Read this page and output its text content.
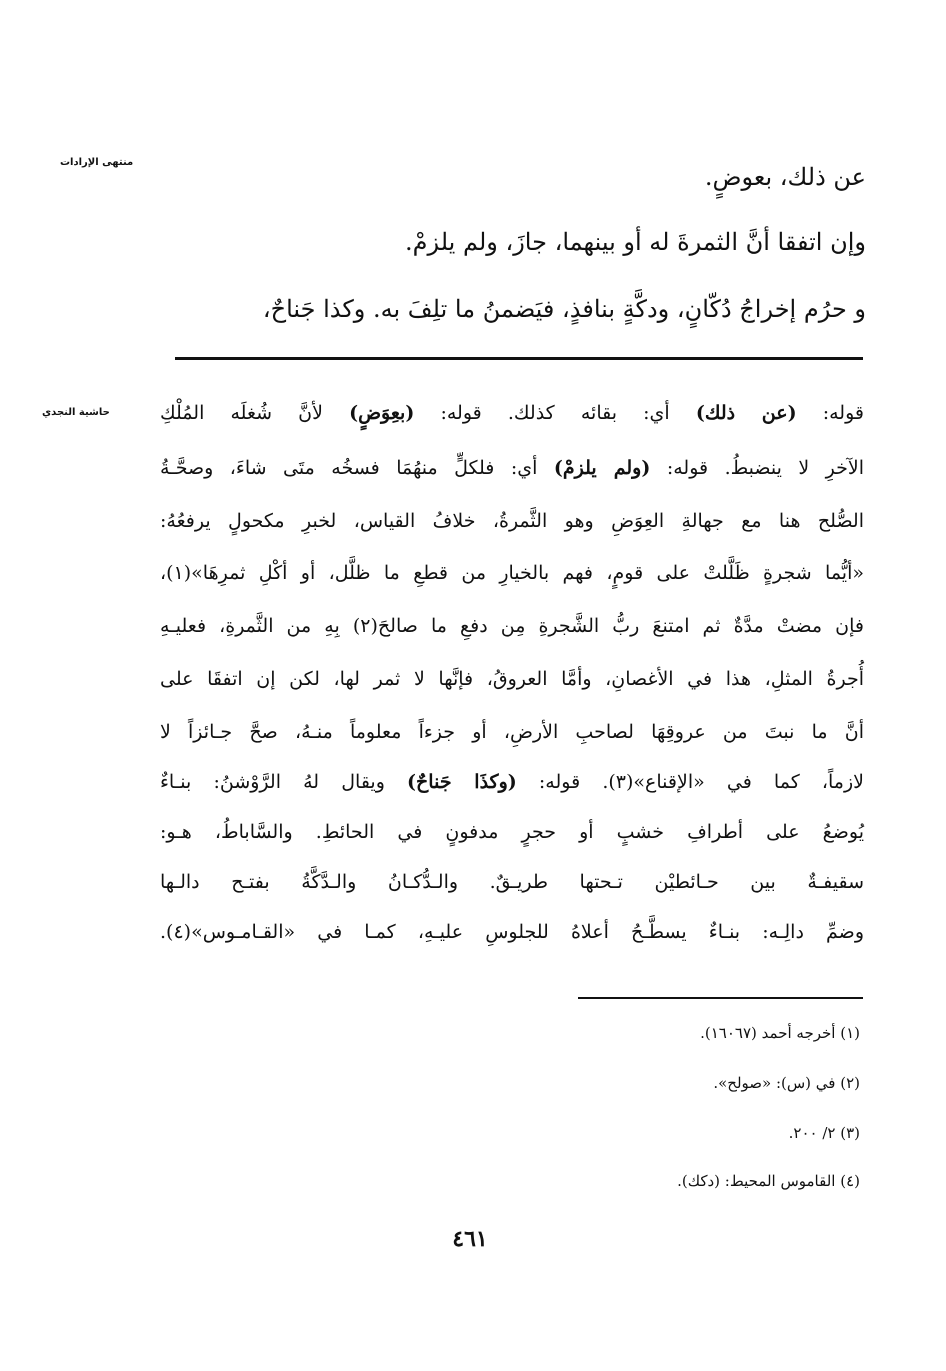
منتهى الإرادات
حاشية النجدي
عن ذلك، بعوضٍ.
وإن اتفقا أنَّ الثمرةَ له أو بينهما، جازَ، ولم يلزمْ.
و حرُم إخراجُ دُكّانٍ، ودكَّةٍ بنافذٍ، فيَضمنُ ما تلِفَ به. وكذا جَناحٌ،
قوله: (عن ذلك) أي: بقائه كذلك. قوله: (بعِوَضٍ) لأنَّ شُغلَه المُلْكِ
الآخرِ لا ينضبطُ. قوله: (ولم يلزمْ) أي: فلكلٍّ منهُمَا فسخُه متَى شاءَ، وصحَّـةُ
الصُّلح هنا مع جهالةِ العِوَضِ وهو الثَّمرةُ، خلافُ القياس، لخبرِ مكحولٍ يرفعُهُ:
«أيُّما شجرةٍ ظَلَّلتْ على قومٍ، فهم بالخيارِ من قطعِ ما ظلَّل، أو أكْلِ ثمرِهَا»(١)،
فإن مضتْ مدَّةٌ ثم امتنعَ ربُّ الشَّجرةِ مِن دفعِ ما صالحَ(٢) بِهِ من الثَّمرةِ، فعليـهِ
أُجرةُ المثلِ، هذا في الأغصانِ، وأمَّا العروقُ، فإنَّها لا ثمر لها، لكن إن اتفقَا على
أنَّ ما نبتَ من عروقِهَا لصاحبِ الأرضِ، أو جزءاً معلوماً منـهُ، صحَّ جـائزاً لا
لازماً، كما في «الإقناع»(٣). قوله: (وكذَا جَناحٌ) ويقال لهُ الرَّوْشنُ: بنـاءٌ
يُوضعُ على أطرافِ خشبٍ أو حجرٍ مدفونٍ في الحائطِ. والسَّاباطُ، هـو:
سقيفـةٌ بين حـائطيْن تـحتها طريـقٌ. والـدُّكـانُ والـدَّكَّةُ بفتـح دالـها
وضمِّ دالِـه: بنـاءٌ يسطَّـحُ أعلاهُ للجلوسِ عليـهِ، كمـا في «القـامـوس»(٤).
(١) أخرجه أحمد (١٦٠٦٧).
(٢) في (س): «صولح».
(٣) ٢/ ٢٠٠.
(٤) القاموس المحيط: (دكك).
٤٦١
